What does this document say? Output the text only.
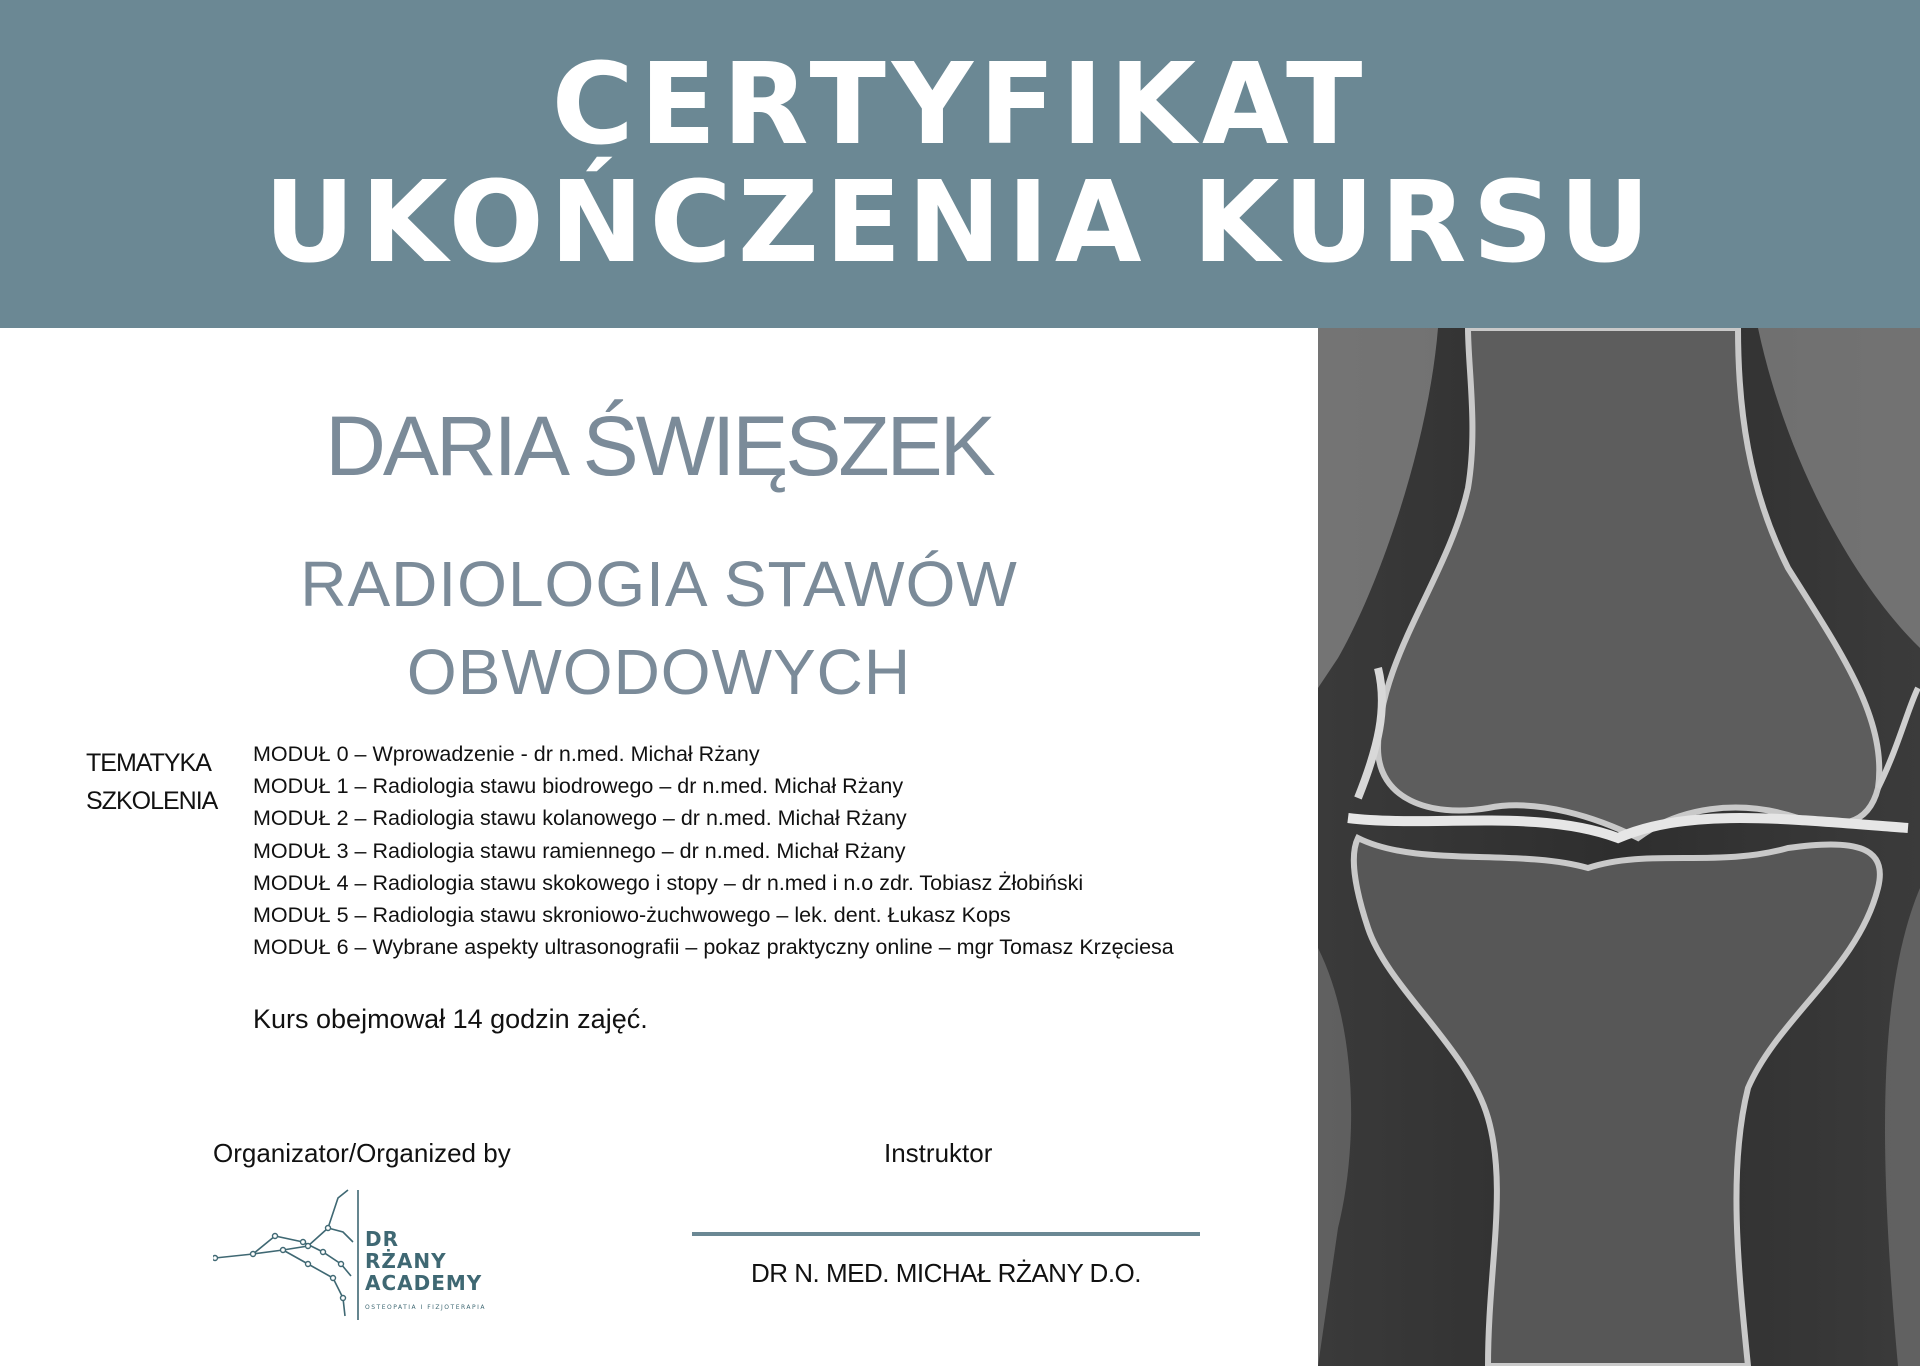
CERTYFIKAT
UKOŃCZENIA KURSU
DARIA ŚWIĘSZEK
RADIOLOGIA STAWÓW
OBWODOWYCH
TEMATYKA
SZKOLENIA
MODUŁ 0 – Wprowadzenie - dr n.med. Michał Rżany
MODUŁ 1 – Radiologia stawu biodrowego – dr n.med. Michał Rżany
MODUŁ 2 – Radiologia stawu kolanowego – dr n.med. Michał Rżany
MODUŁ 3 – Radiologia stawu ramiennego – dr n.med. Michał Rżany
MODUŁ 4 – Radiologia stawu skokowego i stopy – dr n.med i n.o zdr. Tobiasz Żłobiński
MODUŁ 5 – Radiologia stawu skroniowo-żuchwowego – lek. dent. Łukasz Kops
MODUŁ 6 – Wybrane aspekty ultrasonografii – pokaz praktyczny online – mgr Tomasz Krzęciesa
Kurs obejmował 14 godzin zajęć.
Organizator/Organized by	Instruktor
DR
RŻANY
ACADEMY
OSTEOPATIA I FIZJOTERAPIA
DR N. MED. MICHAŁ RŻANY D.O.
